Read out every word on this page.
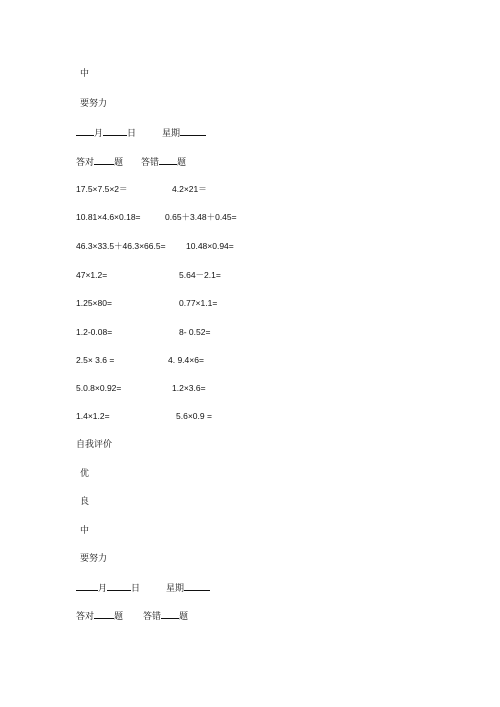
中
要努力
月	日	星期
答对 题 答错 题
17.5×7.5×2＝	4.2×21＝
10.81×4.6×0.18=	0.65＋3.48＋0.45=
46.3×33.5＋46.3×66.5= 10.48×0.94=
47×1.2=	5.64－2.1=
1.25×80=	0.77×1.1=
1.2-0.08=	8- 0.52=
2.5× 3.6 =	4. 9.4×6=
5.0.8×0.92=	1.2×3.6=
1.4×1.2=	5.6×0.9 =
自我评价
优
良
中
要努力
月	日	星期
答对 题 答错 题
